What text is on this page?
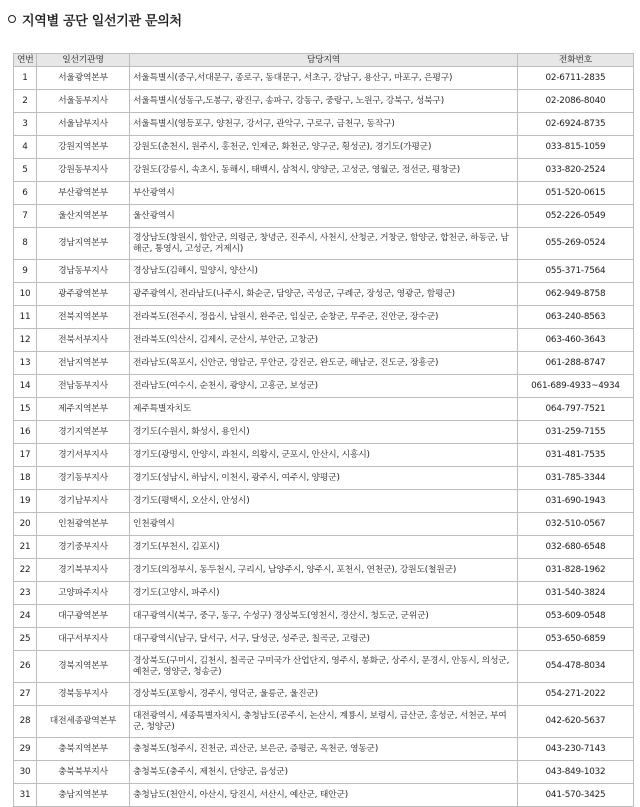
지역별 공단 일선기관 문의처
연번	일선기관명	담당지역	전화번호
1	서울광역본부	서울특별시(중구,서대문구, 종로구, 동대문구, 서초구, 강남구, 용산구, 마포구, 은평구)	02-6711-2835
2	서울동부지사	서울특별시(성동구,도봉구, 광진구, 송파구, 강동구, 중랑구, 노원구, 강북구, 성북구)	02-2086-8040
3	서울남부지사	서울특별시(영등포구, 양천구, 강서구, 관악구, 구로구, 금천구, 동작구)	02-6924-8735
4	강원지역본부	강원도(춘천시, 원주시, 홍천군, 인제군, 화천군, 양구군, 횡성군), 경기도(가평군)	033-815-1059
5	강원동부지사	강원도(강릉시, 속초시, 동해시, 태백시, 삼척시, 양양군, 고성군, 영월군, 정선군, 평창군)	033-820-2524
6	부산광역본부	부산광역시	051-520-0615
7	울산지역본부	울산광역시	052-226-0549
8	경남지역본부	경상남도(창원시, 함안군, 의령군, 창녕군, 진주시, 사천시, 산청군, 거창군, 함양군, 합천군, 하동군, 남해군, 통영시, 고성군, 거제시)	055-269-0524
9	경남동부지사	경상남도(김해시, 밀양시, 양산시)	055-371-7564
10	광주광역본부	광주광역시, 전라남도(나주시, 화순군, 담양군, 곡성군, 구례군, 장성군, 영광군, 함평군)	062-949-8758
11	전북지역본부	전라북도(전주시, 정읍시, 남원시, 완주군, 임실군, 순창군, 무주군, 진안군, 장수군)	063-240-8563
12	전북서부지사	전라북도(익산시, 김제시, 군산시, 부안군, 고창군)	063-460-3643
13	전남지역본부	전라남도(목포시, 신안군, 영암군, 무안군, 강진군, 완도군, 해남군, 진도군, 장흥군)	061-288-8747
14	전남동부지사	전라남도(여수시, 순천시, 광양시, 고흥군, 보성군)	061-689-4933~4934
15	제주지역본부	제주특별자치도	064-797-7521
16	경기지역본부	경기도(수원시, 화성시, 용인시)	031-259-7155
17	경기서부지사	경기도(광명시, 안양시, 과천시, 의왕시, 군포시, 안산시, 시흥시)	031-481-7535
18	경기동부지사	경기도(성남시, 하남시, 이천시, 광주시, 여주시, 양평군)	031-785-3344
19	경기남부지사	경기도(평택시, 오산시, 안성시)	031-690-1943
20	인천광역본부	인천광역시	032-510-0567
21	경기중부지사	경기도(부천시, 김포시)	032-680-6548
22	경기북부지사	경기도(의정부시, 동두천시, 구리시, 남양주시, 양주시, 포천시, 연천군), 강원도(철원군)	031-828-1962
23	고양파주지사	경기도(고양시, 파주시)	031-540-3824
24	대구광역본부	대구광역시(북구, 중구, 동구, 수성구) 경상북도(영천시, 경산시, 청도군, 군위군)	053-609-0548
25	대구서부지사	대구광역시(남구, 달서구, 서구, 달성군, 성주군, 칠곡군, 고령군)	053-650-6859
26	경북지역본부	경상북도(구미시, 김천시, 칠곡군 구미국가 산업단지, 영주시, 봉화군, 상주시, 문경시, 안동시, 의성군, 예천군, 영양군, 청송군)	054-478-8034
27	경북동부지사	경상북도(포항시, 경주시, 영덕군, 울릉군, 울진군)	054-271-2022
28	대전세종광역본부	대전광역시, 세종특별자치시, 충청남도(공주시, 논산시, 계룡시, 보령시, 금산군, 홍성군, 서천군, 부여군, 청양군)	042-620-5637
29	충북지역본부	충청북도(청주시, 진천군, 괴산군, 보은군, 증평군, 옥천군, 영동군)	043-230-7143
30	충북북부지사	충청북도(충주시, 제천시, 단양군, 음성군)	043-849-1032
31	충남지역본부	충청남도(천안시, 아산시, 당진시, 서산시, 예산군, 태안군)	041-570-3425
